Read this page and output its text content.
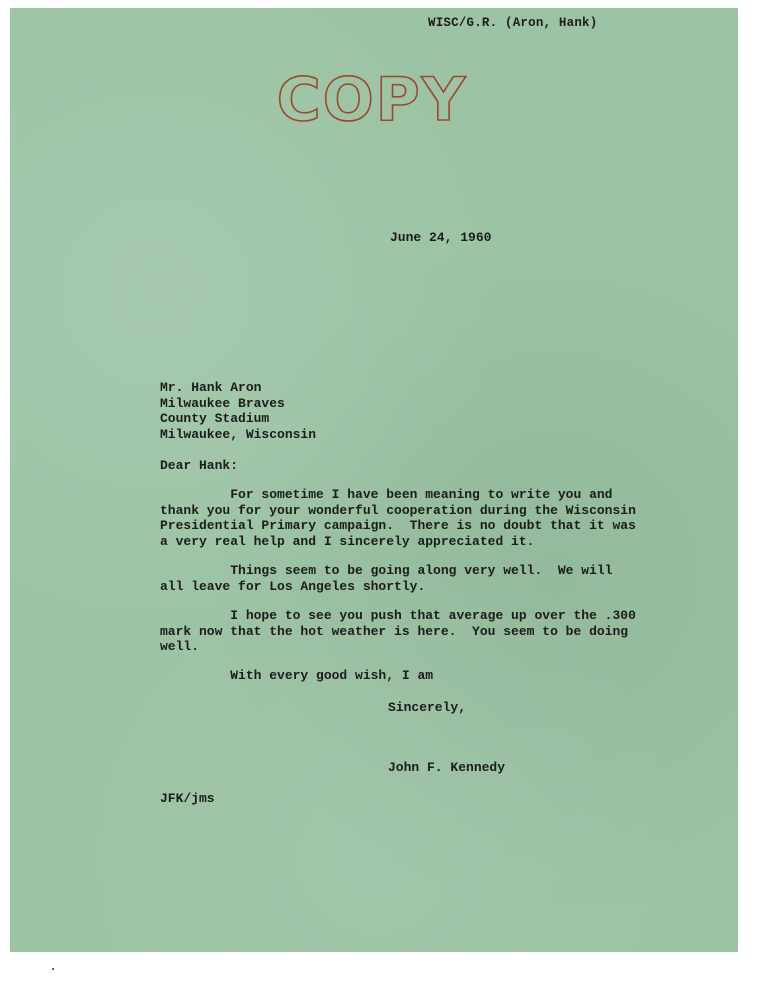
WISC/G.R. (Aron, Hank)
COPY
June 24, 1960
Mr. Hank Aron
Milwaukee Braves
County Stadium
Milwaukee, Wisconsin
Dear Hank:
For sometime I have been meaning to write you and
thank you for your wonderful cooperation during the Wisconsin
Presidential Primary campaign.  There is no doubt that it was
a very real help and I sincerely appreciated it.
Things seem to be going along very well.  We will
all leave for Los Angeles shortly.
I hope to see you push that average up over the .300
mark now that the hot weather is here.  You seem to be doing
well.
With every good wish, I am
Sincerely,
John F. Kennedy
JFK/jms
